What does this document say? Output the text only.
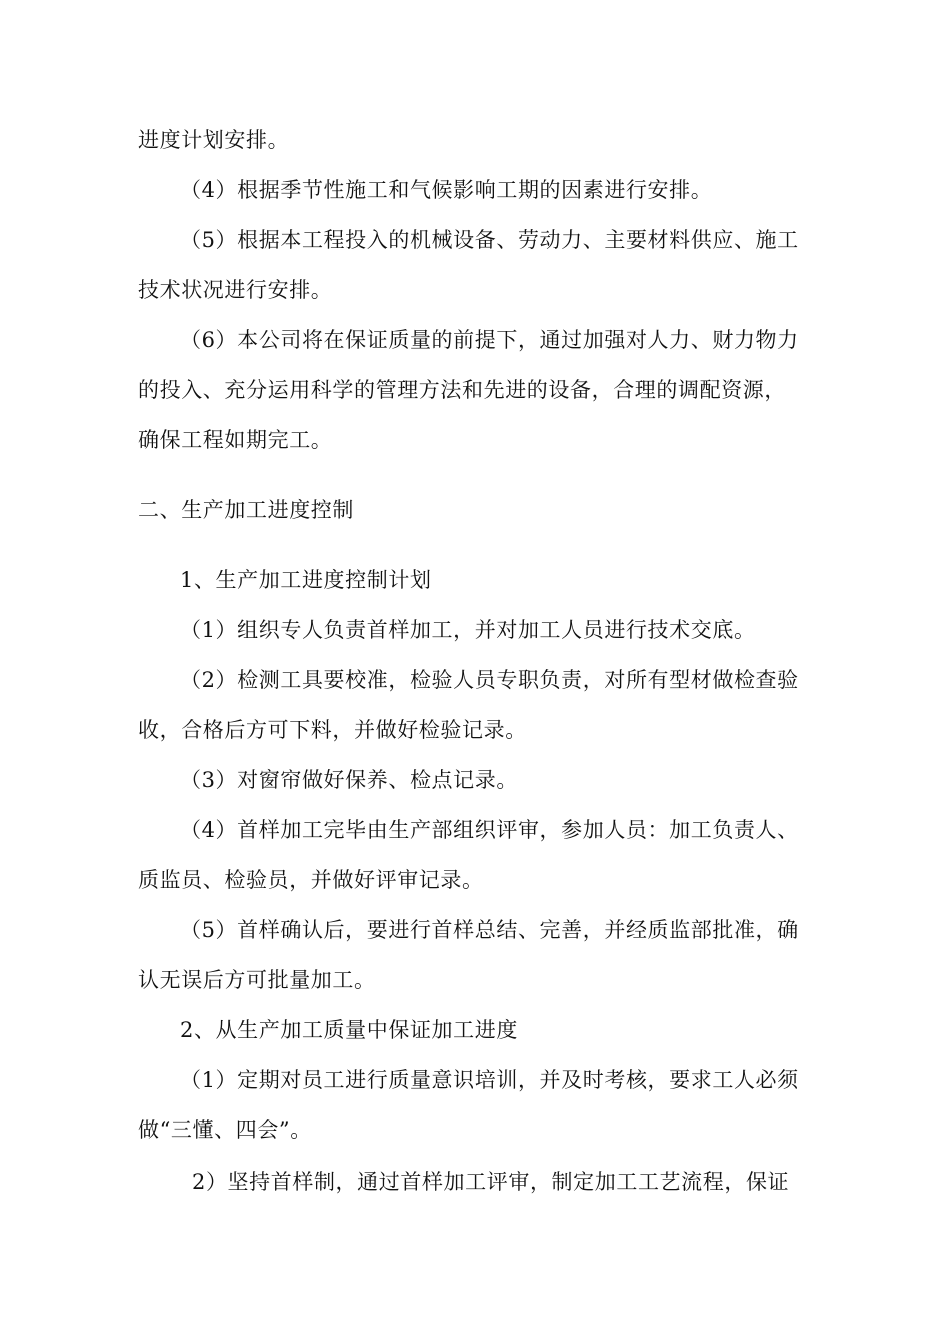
进度计划安排。
（4）根据季节性施工和气候影响工期的因素进行安排。
（5）根据本工程投入的机械设备、劳动力、主要材料供应、施工
技术状况进行安排。
（6）本公司将在保证质量的前提下，通过加强对人力、财力物力
的投入、充分运用科学的管理方法和先进的设备，合理的调配资源，
确保工程如期完工。
二、生产加工进度控制
1、生产加工进度控制计划
（1）组织专人负责首样加工，并对加工人员进行技术交底。
（2）检测工具要校准，检验人员专职负责，对所有型材做检查验
收，合格后方可下料，并做好检验记录。
（3）对窗帘做好保养、检点记录。
（4）首样加工完毕由生产部组织评审，参加人员：加工负责人、
质监员、检验员，并做好评审记录。
（5）首样确认后，要进行首样总结、完善，并经质监部批准，确
认无误后方可批量加工。
2、从生产加工质量中保证加工进度
（1）定期对员工进行质量意识培训，并及时考核，要求工人必须
做“三懂、四会”。
2）坚持首样制，通过首样加工评审，制定加工工艺流程，保证
